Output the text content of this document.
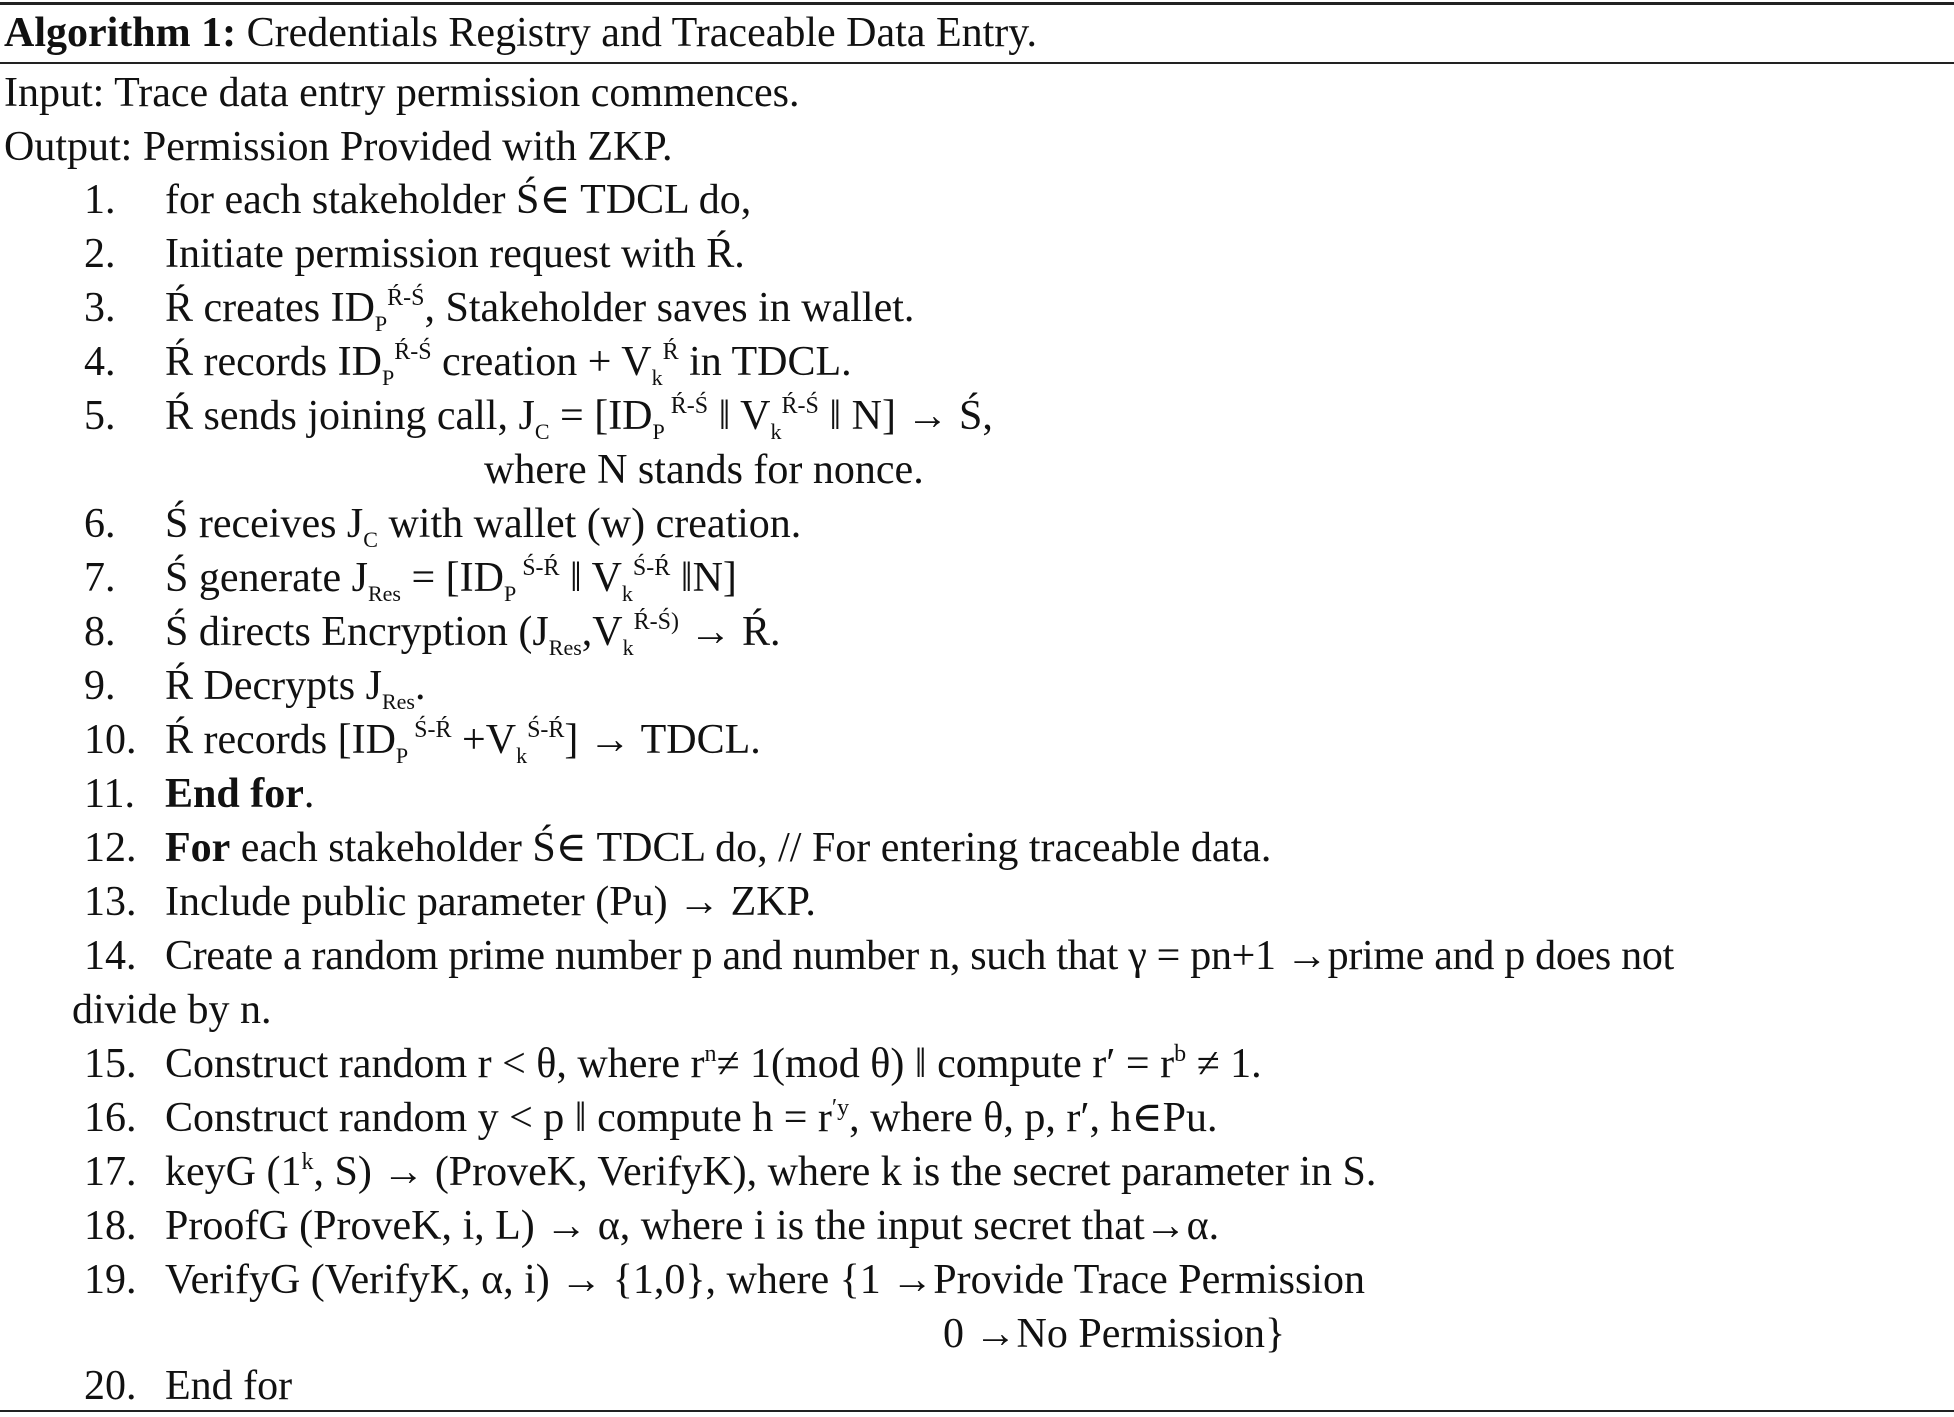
Algorithm 1: Credentials Registry and Traceable Data Entry.
Input: Trace data entry permission commences.
Output: Permission Provided with ZKP.
1. for each stakeholder Ś∈ TDCL do,
2. Initiate permission request with Ŕ.
3. Ŕ creates $ID_P^{Ŕ-Ś}$, Stakeholder saves in wallet.
4. Ŕ records $ID_P^{Ŕ-Ś}$ creation + $V_k^Ŕ$ in TDCL.
5. Ŕ sends joining call, $J_C = [ID_P$ $^{Ŕ-Ś}$ ‖ $V_k^{Ŕ-Ś}$ ‖ N] → Ś,
where N stands for nonce.
6. Ś receives $J_C$ with wallet (w) creation.
7. Ś generate $J_{Res} = [ID_P$ $^{Ś-Ŕ}$ ‖ $V_k^{Ś-Ŕ}$ ‖N]
8. Ś directs Encryption ($J_{Res},V_k^{Ŕ-Ś)}$ → Ŕ.
9. Ŕ Decrypts $J_{Res}$.
10. Ŕ records [$ID_P$ $^{Ś-Ŕ} +V_k^{Ś-Ŕ}$] → TDCL.
11. End for.
12. For each stakeholder Ś∈ TDCL do, // For entering traceable data.
13. Include public parameter (Pu) → ZKP.
14. Create a random prime number p and number n, such that γ = pn+1 →prime and p does not
divide by n.
15. Construct random r < θ, where $r^n\ne 1(mod$ θ) ‖ compute $r' = r^b \ne 1$.
16. Construct random y < p ‖ compute $h = r^{'y}$, where θ, p, r′, h∈Pu.
17. keyG (1$^k$, S) → (ProveK, VerifyK), where k is the secret parameter in S.
18. ProofG (ProveK, i, L) → α, where i is the input secret that→α.
19. VerifyG (VerifyK, α, i) → {1,0}, where {1 →Provide Trace Permission
0 →No Permission}
20. End for
